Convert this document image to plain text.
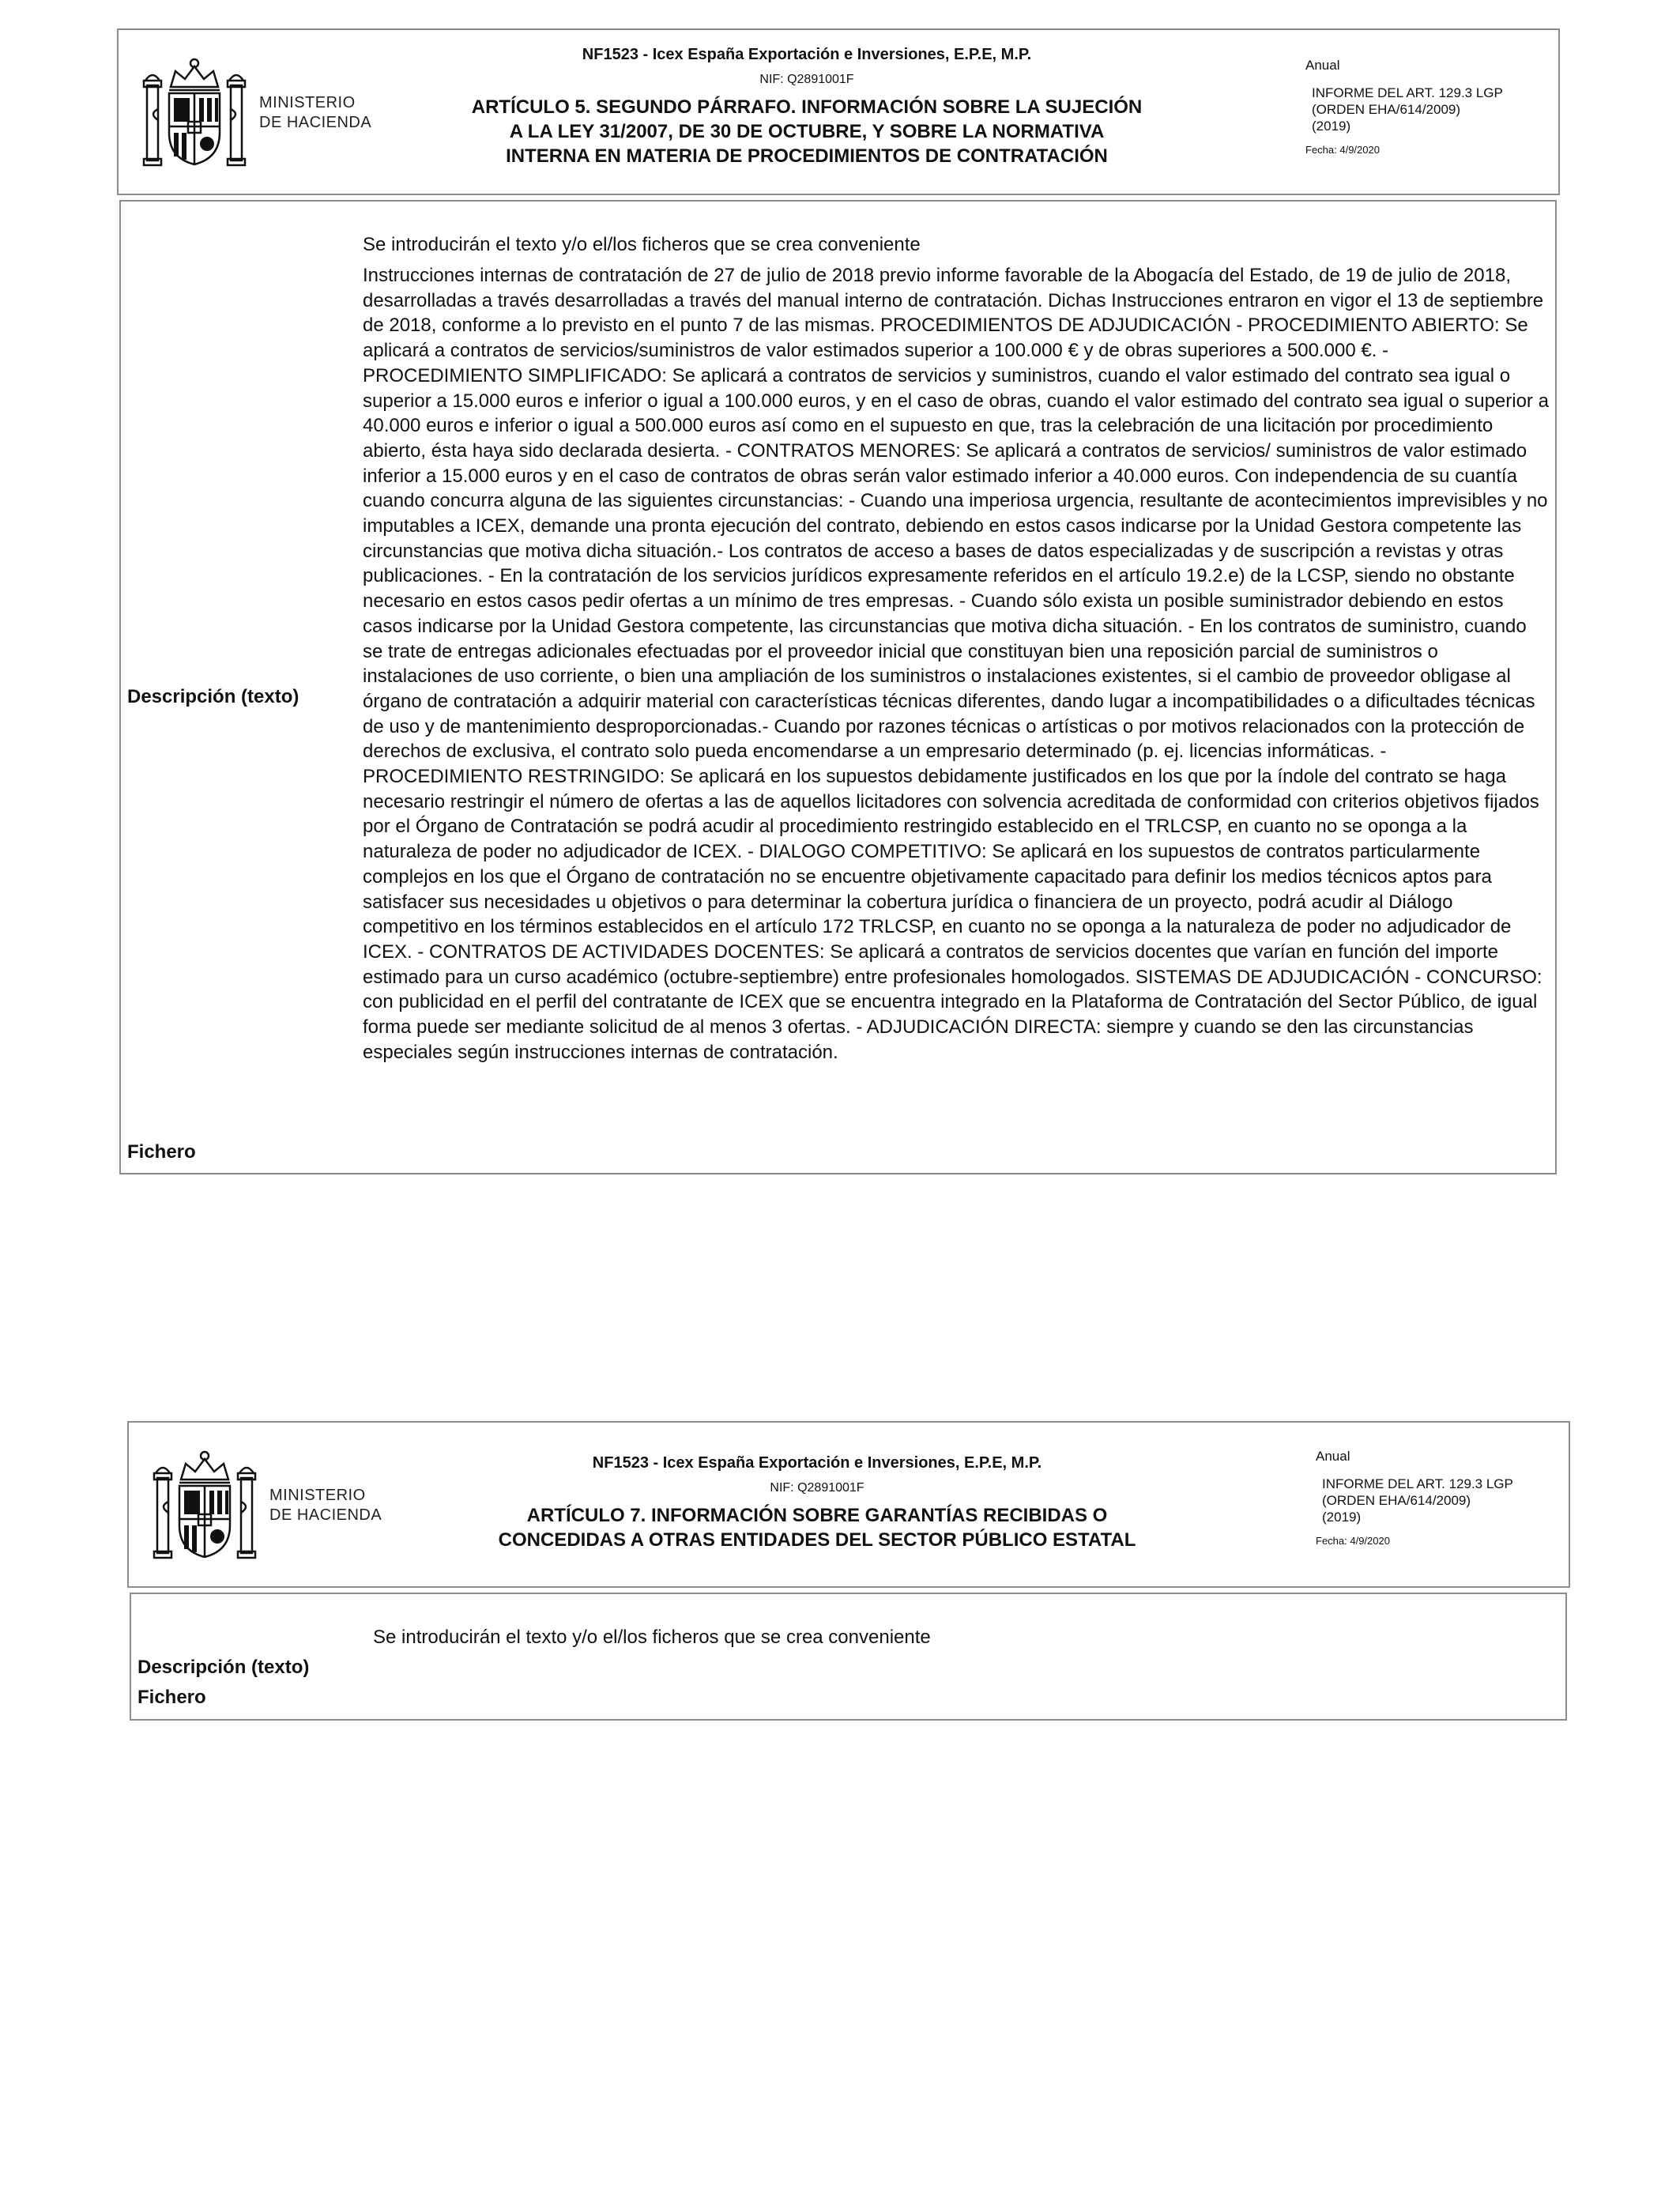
MINISTERIO
DE HACIENDA
NF1523 - Icex España Exportación e Inversiones, E.P.E, M.P.
NIF: Q2891001F
ARTÍCULO 5. SEGUNDO PÁRRAFO. INFORMACIÓN SOBRE LA SUJECIÓN A LA LEY 31/2007, DE 30 DE OCTUBRE, Y SOBRE LA NORMATIVA INTERNA EN MATERIA DE PROCEDIMIENTOS DE CONTRATACIÓN
Anual
INFORME DEL ART. 129.3 LGP
(ORDEN EHA/614/2009)
(2019)
Fecha: 4/9/2020
Se introducirán el texto y/o el/los ficheros que se crea conveniente
Descripción (texto)
Instrucciones internas de contratación de 27 de julio de 2018 previo informe favorable de la Abogacía del Estado, de 19 de julio de 2018, desarrolladas a través desarrolladas a través del manual interno de contratación. Dichas Instrucciones entraron en vigor el 13 de septiembre de 2018, conforme a lo previsto en el punto 7 de las mismas. PROCEDIMIENTOS DE ADJUDICACIÓN - PROCEDIMIENTO ABIERTO: Se aplicará a contratos de servicios/suministros de valor estimados superior a 100.000 € y de obras superiores a 500.000 €. - PROCEDIMIENTO SIMPLIFICADO: Se aplicará a contratos de servicios y suministros, cuando el valor estimado del contrato sea igual o superior a 15.000 euros e inferior o igual a 100.000 euros, y en el caso de obras, cuando el valor estimado del contrato sea igual o superior a 40.000 euros e inferior o igual a 500.000 euros así como en el supuesto en que, tras la celebración de una licitación por procedimiento abierto, ésta haya sido declarada desierta. - CONTRATOS MENORES: Se aplicará a contratos de servicios/ suministros de valor estimado inferior a 15.000 euros y en el caso de contratos de obras serán valor estimado inferior a 40.000 euros. Con independencia de su cuantía cuando concurra alguna de las siguientes circunstancias: - Cuando una imperiosa urgencia, resultante de acontecimientos imprevisibles y no imputables a ICEX, demande una pronta ejecución del contrato, debiendo en estos casos indicarse por la Unidad Gestora competente las circunstancias que motiva dicha situación.- Los contratos de acceso a bases de datos especializadas y de suscripción a revistas y otras publicaciones. - En la contratación de los servicios jurídicos expresamente referidos en el artículo 19.2.e) de la LCSP, siendo no obstante necesario en estos casos pedir ofertas a un mínimo de tres empresas. - Cuando sólo exista un posible suministrador debiendo en estos casos indicarse por la Unidad Gestora competente, las circunstancias que motiva dicha situación. - En los contratos de suministro, cuando se trate de entregas adicionales efectuadas por el proveedor inicial que constituyan bien una reposición parcial de suministros o instalaciones de uso corriente, o bien una ampliación de los suministros o instalaciones existentes, si el cambio de proveedor obligase al órgano de contratación a adquirir material con características técnicas diferentes, dando lugar a incompatibilidades o a dificultades técnicas de uso y de mantenimiento desproporcionadas.- Cuando por razones técnicas o artísticas o por motivos relacionados con la protección de derechos de exclusiva, el contrato solo pueda encomendarse a un empresario determinado (p. ej. licencias informáticas. - PROCEDIMIENTO RESTRINGIDO: Se aplicará en los supuestos debidamente justificados en los que por la índole del contrato se haga necesario restringir el número de ofertas a las de aquellos licitadores con solvencia acreditada de conformidad con criterios objetivos fijados por el Órgano de Contratación se podrá acudir al procedimiento restringido establecido en el TRLCSP, en cuanto no se oponga a la naturaleza de poder no adjudicador de ICEX. - DIALOGO COMPETITIVO: Se aplicará en los supuestos de contratos particularmente complejos en los que el Órgano de contratación no se encuentre objetivamente capacitado para definir los medios técnicos aptos para satisfacer sus necesidades u objetivos o para determinar la cobertura jurídica o financiera de un proyecto, podrá acudir al Diálogo competitivo en los términos establecidos en el artículo 172 TRLCSP, en cuanto no se oponga a la naturaleza de poder no adjudicador de ICEX. - CONTRATOS DE ACTIVIDADES DOCENTES: Se aplicará a contratos de servicios docentes que varían en función del importe estimado para un curso académico (octubre-septiembre) entre profesionales homologados. SISTEMAS DE ADJUDICACIÓN - CONCURSO: con publicidad en el perfil del contratante de ICEX que se encuentra integrado en la Plataforma de Contratación del Sector Público, de igual forma puede ser mediante solicitud de al menos 3 ofertas. - ADJUDICACIÓN DIRECTA: siempre y cuando se den las circunstancias especiales según instrucciones internas de contratación.
Fichero
MINISTERIO
DE HACIENDA
NF1523 - Icex España Exportación e Inversiones, E.P.E, M.P.
NIF: Q2891001F
ARTÍCULO 7. INFORMACIÓN SOBRE GARANTÍAS RECIBIDAS O CONCEDIDAS A OTRAS ENTIDADES DEL SECTOR PÚBLICO ESTATAL
Anual
INFORME DEL ART. 129.3 LGP
(ORDEN EHA/614/2009)
(2019)
Fecha: 4/9/2020
Se introducirán el texto y/o el/los ficheros que se crea conveniente
Descripción (texto)
Fichero
